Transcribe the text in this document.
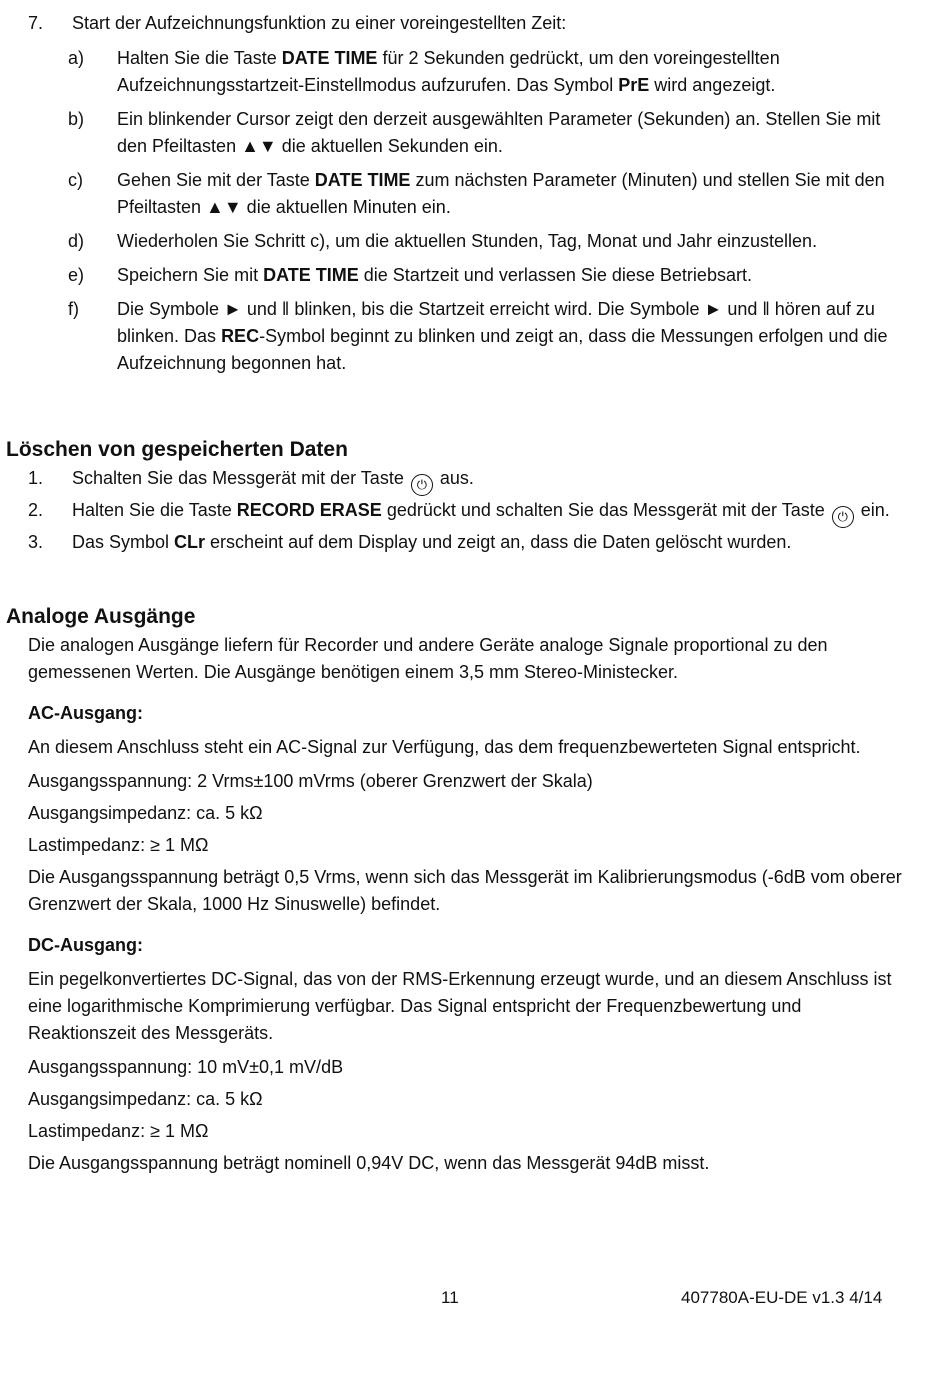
7. Start der Aufzeichnungsfunktion zu einer voreingestellten Zeit:
a) Halten Sie die Taste DATE TIME für 2 Sekunden gedrückt, um den voreingestellten Aufzeichnungsstartzeit-Einstellmodus aufzurufen. Das Symbol PrE wird angezeigt.
b) Ein blinkender Cursor zeigt den derzeit ausgewählten Parameter (Sekunden) an. Stellen Sie mit den Pfeiltasten ▲▼ die aktuellen Sekunden ein.
c) Gehen Sie mit der Taste DATE TIME zum nächsten Parameter (Minuten) und stellen Sie mit den Pfeiltasten ▲▼ die aktuellen Minuten ein.
d) Wiederholen Sie Schritt c), um die aktuellen Stunden, Tag, Monat und Jahr einzustellen.
e) Speichern Sie mit DATE TIME die Startzeit und verlassen Sie diese Betriebsart.
f) Die Symbole ► und ‖ blinken, bis die Startzeit erreicht wird. Die Symbole ► und ‖ hören auf zu blinken. Das REC-Symbol beginnt zu blinken und zeigt an, dass die Messungen erfolgen und die Aufzeichnung begonnen hat.
Löschen von gespeicherten Daten
1. Schalten Sie das Messgerät mit der Taste ⏻ aus.
2. Halten Sie die Taste RECORD ERASE gedrückt und schalten Sie das Messgerät mit der Taste ⏻ ein.
3. Das Symbol CLr erscheint auf dem Display und zeigt an, dass die Daten gelöscht wurden.
Analoge Ausgänge

Die analogen Ausgänge liefern für Recorder und andere Geräte analoge Signale proportional zu den gemessenen Werten. Die Ausgänge benötigen einem 3,5 mm Stereo-Ministecker.

AC-Ausgang:

An diesem Anschluss steht ein AC-Signal zur Verfügung, das dem frequenzbewerteten Signal entspricht.

Ausgangsspannung: 2 Vrms±100 mVrms (oberer Grenzwert der Skala)

Ausgangsimpedanz: ca. 5 kΩ

Lastimpedanz: ≥ 1 MΩ

Die Ausgangsspannung beträgt 0,5 Vrms, wenn sich das Messgerät im Kalibrierungsmodus (-6dB vom oberer Grenzwert der Skala, 1000 Hz Sinuswelle) befindet.

DC-Ausgang:

Ein pegelkonvertiertes DC-Signal, das von der RMS-Erkennung erzeugt wurde, und an diesem Anschluss ist eine logarithmische Komprimierung verfügbar. Das Signal entspricht der Frequenzbewertung und Reaktionszeit des Messgeräts.

Ausgangsspannung: 10 mV±0,1 mV/dB

Ausgangsimpedanz: ca. 5 kΩ

Lastimpedanz: ≥ 1 MΩ

Die Ausgangsspannung beträgt nominell 0,94V DC, wenn das Messgerät 94dB misst.

11	407780A-EU-DE v1.3 4/14
